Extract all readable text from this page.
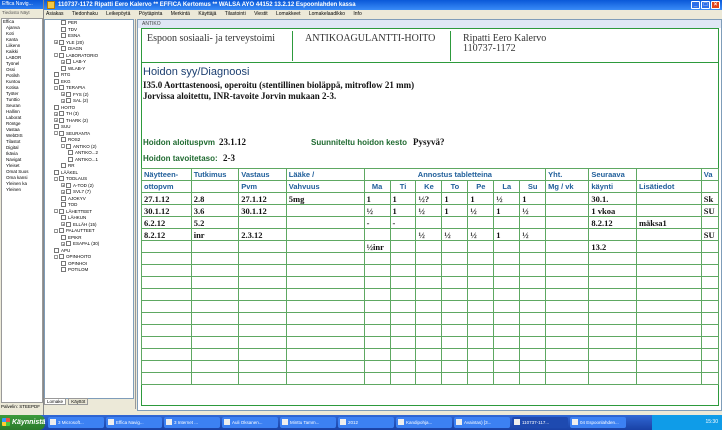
Effica Navig...
Tiedosto Näyt
Effica
Ajanva
Koti
Kanta
Liikenn
Kaikki
LABOR
Työnel
Ossi
Potilsh
Kuntou
Kotisa
Työter
Tunttio
Seuran
Hallinn
Laborat
Röntge
Vastaa
WebDIS
Tilastot
Digital
Ikävia
Navigat
Yleiset
Omat Suos
Oma kansi
Yleinen ka
Yleinen
Palvelin: STEEPDF
110737-1172 Ripatti Eero Kalervo ** EFFICA Kertomus ** WALSA AYO 44152 13.2.12 Espoonlahden kassa	_	□	×
Asiakas Tiedonhaku Leikepöytä Pöytäpinta Merkintä Käyttäjä Tilastointi Viestit Lomakkeet Lomakelaadikko Info
PER
TDV
ESNA
+ YLE (20)
DIAGN
- LABORATORIO
+ LAB-Y
WLAB-Y
RTG
EKG
- TERAPIA
+ FYS (2)
+ SAL (2)
HOITO
+ TH (3)
+ THARK (2)
SUU
- SEURANTA
ROS2
- ANTIKO (2)
ANTIKO...2
ANTIKO...1
RR
LÄÄKEL
- TODLAUS
+ A-TOD (2)
+ SVL7 (7)
AJOKYV
TOD
- LÄHETTEET
LÄHKUN
+ ELLÄH (15)
- PALAUTTEET
EPIKR
+ ESAPAL (30)
APU
- OPINHOITO
OPINHOI
POTILOM
Lomake Käyttöt
ANTIKO
Espoon sosiaali- ja terveystoimi	ANTIKOAGULANTTI-HOITO	Ripatti Eero Kalervo
110737-1172
Hoidon syy/Diagnoosi
I35.0 Aorttastenoosi, operoitu (stentillinen bioläppä, mitroflow 21 mm)
Jorvissa aloitettu, INR-tavoite Jorvin mukaan 2-3.
Hoidon aloituspvm 23.1.12	Suunniteltu hoidon kesto Pysyvä?
Hoidon tavoitetaso: 2-3
Näytteen-	Tutkimus	Vastaus	Lääke /	Annostus tabletteina							Yht.	Seuraava		Va
ottopvm		Pvm	Vahvuus	Ma	Ti	Ke	To	Pe	La	Su	Mg / vk	käynti	Lisätiedot	
27.1.12	2.8	27.1.12	5mg	1	1	½?	1	1	½	1		30.1.		Sk
30.1.12	3.6	30.1.12		½	1	½	1	½	1	½		1 vkoa		SU
6.2.12	5.2			-	-							8.2.12	mäksa1	
8.2.12	inr	2.3.12				½	½	½	1	½				SU
				½inr								13.2		

Käynnistä	15:30
3 Microsoft...	Effica Navig...	3 Internet ...	Auli Oksanen...	Minttu Tamm...	2012	Kandipohja...	Avaintas) [3...	110737-117...	04 Espoonlahden...
